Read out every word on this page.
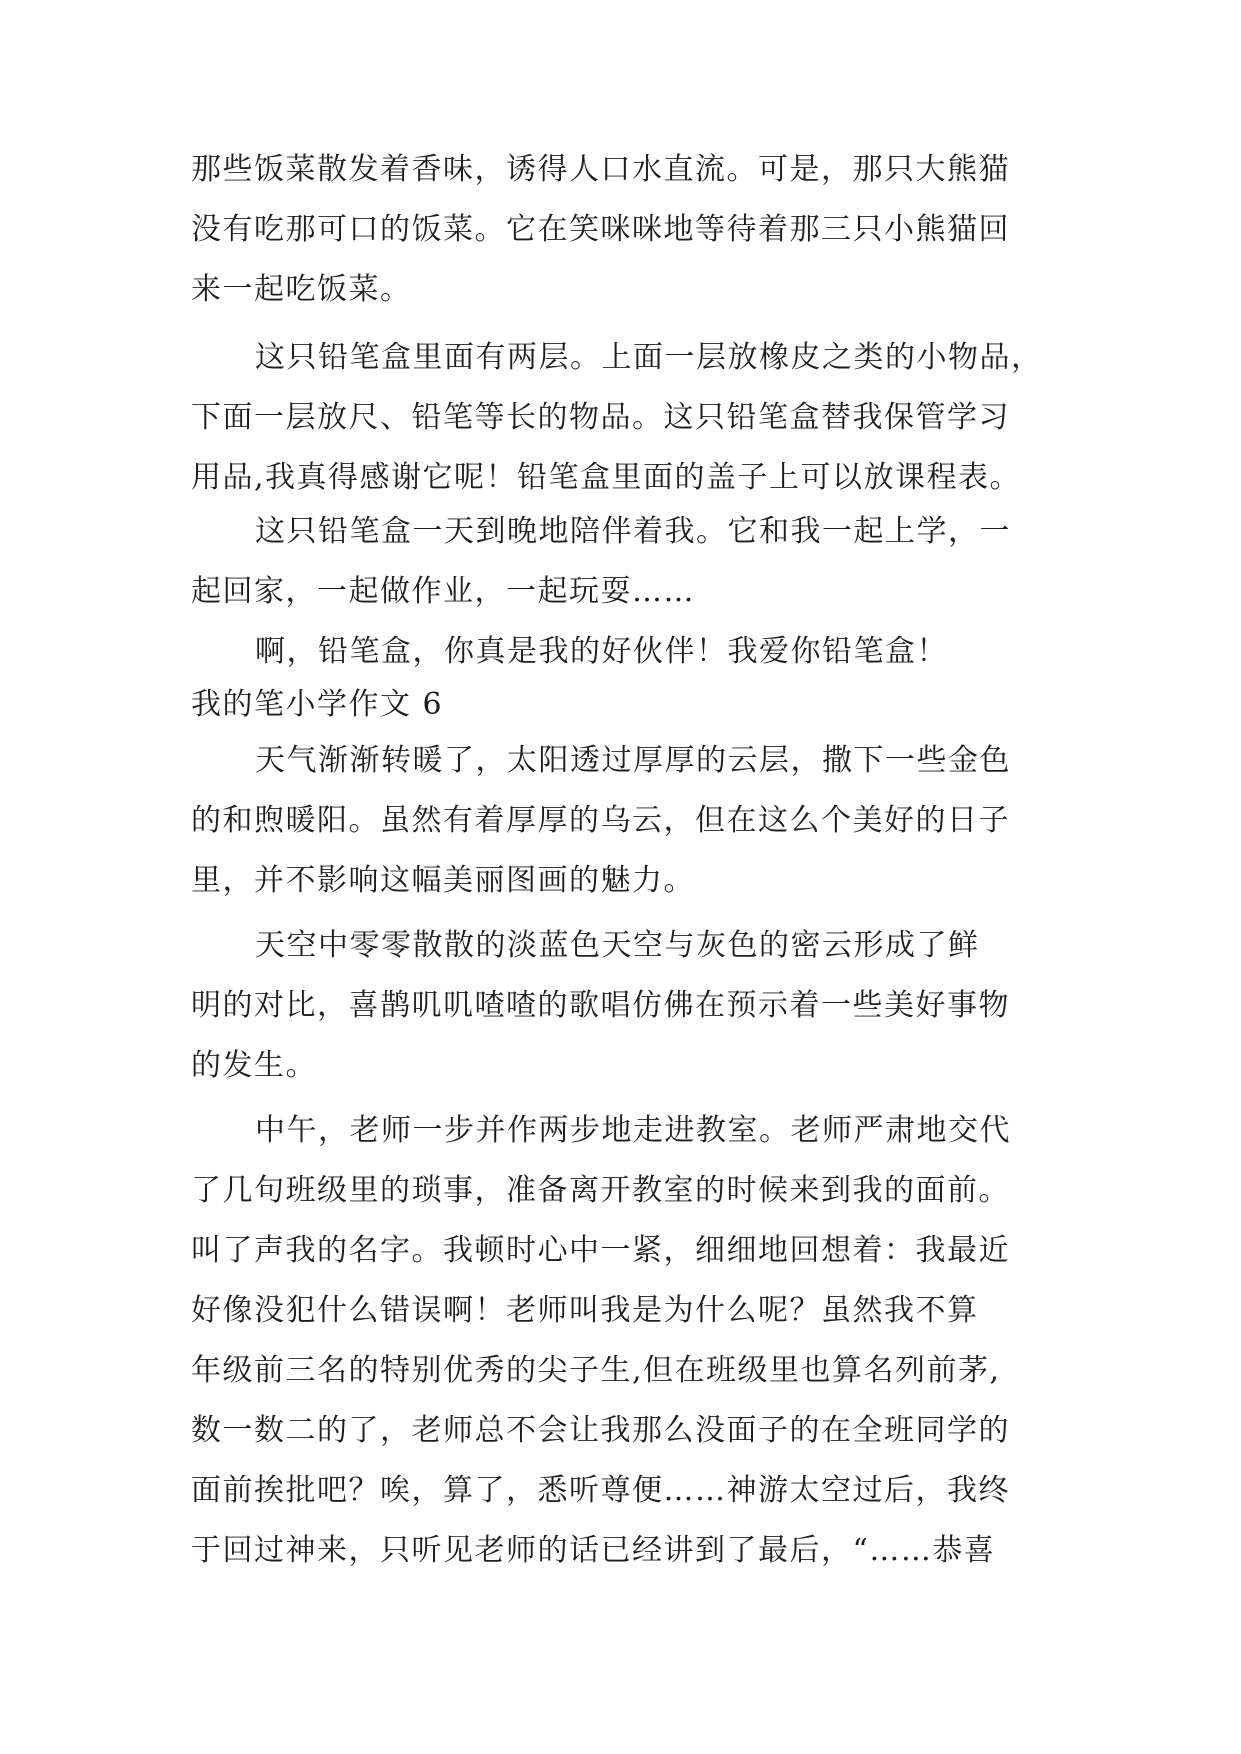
那些饭菜散发着香味，诱得人口水直流。可是，那只大熊猫
没有吃那可口的饭菜。它在笑咪咪地等待着那三只小熊猫回
来一起吃饭菜。
这只铅笔盒里面有两层。上面一层放橡皮之类的小物品，
下面一层放尺、铅笔等长的物品。这只铅笔盒替我保管学习
用品,我真得感谢它呢！铅笔盒里面的盖子上可以放课程表。
这只铅笔盒一天到晚地陪伴着我。它和我一起上学，一
起回家，一起做作业，一起玩耍……
啊，铅笔盒，你真是我的好伙伴！我爱你铅笔盒！
我的笔小学作文 6
天气渐渐转暖了，太阳透过厚厚的云层，撒下一些金色
的和煦暖阳。虽然有着厚厚的乌云，但在这么个美好的日子
里，并不影响这幅美丽图画的魅力。
天空中零零散散的淡蓝色天空与灰色的密云形成了鲜
明的对比，喜鹊叽叽喳喳的歌唱仿佛在预示着一些美好事物
的发生。
中午，老师一步并作两步地走进教室。老师严肃地交代
了几句班级里的琐事，准备离开教室的时候来到我的面前。
叫了声我的名字。我顿时心中一紧，细细地回想着：我最近
好像没犯什么错误啊！老师叫我是为什么呢？虽然我不算
年级前三名的特别优秀的尖子生,但在班级里也算名列前茅,
数一数二的了，老师总不会让我那么没面子的在全班同学的
面前挨批吧？唉，算了，悉听尊便……神游太空过后，我终
于回过神来，只听见老师的话已经讲到了最后，“……恭喜
